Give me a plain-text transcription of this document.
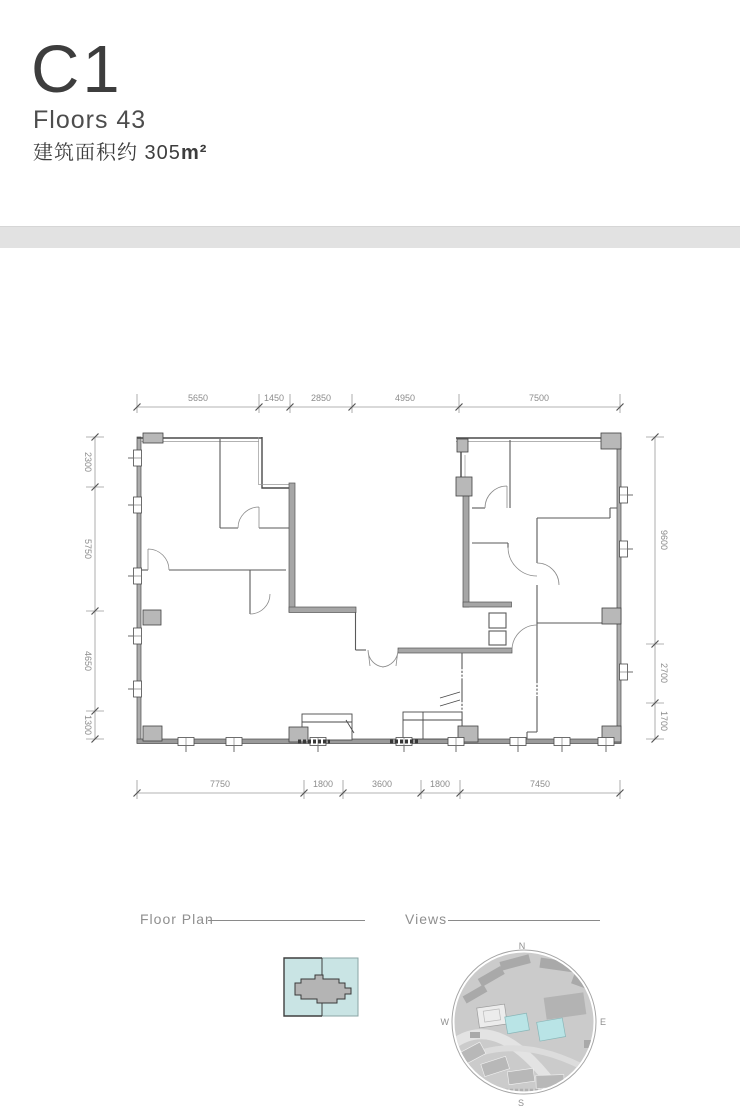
C1
Floors 43
建筑面积约 305m²
5650	1450	2850	4950	7500
7750	1800	3600	1800	7450
2300
5750
4650
1300
9600
2700
1700
Floor Plan	Views
N
W	E
S
